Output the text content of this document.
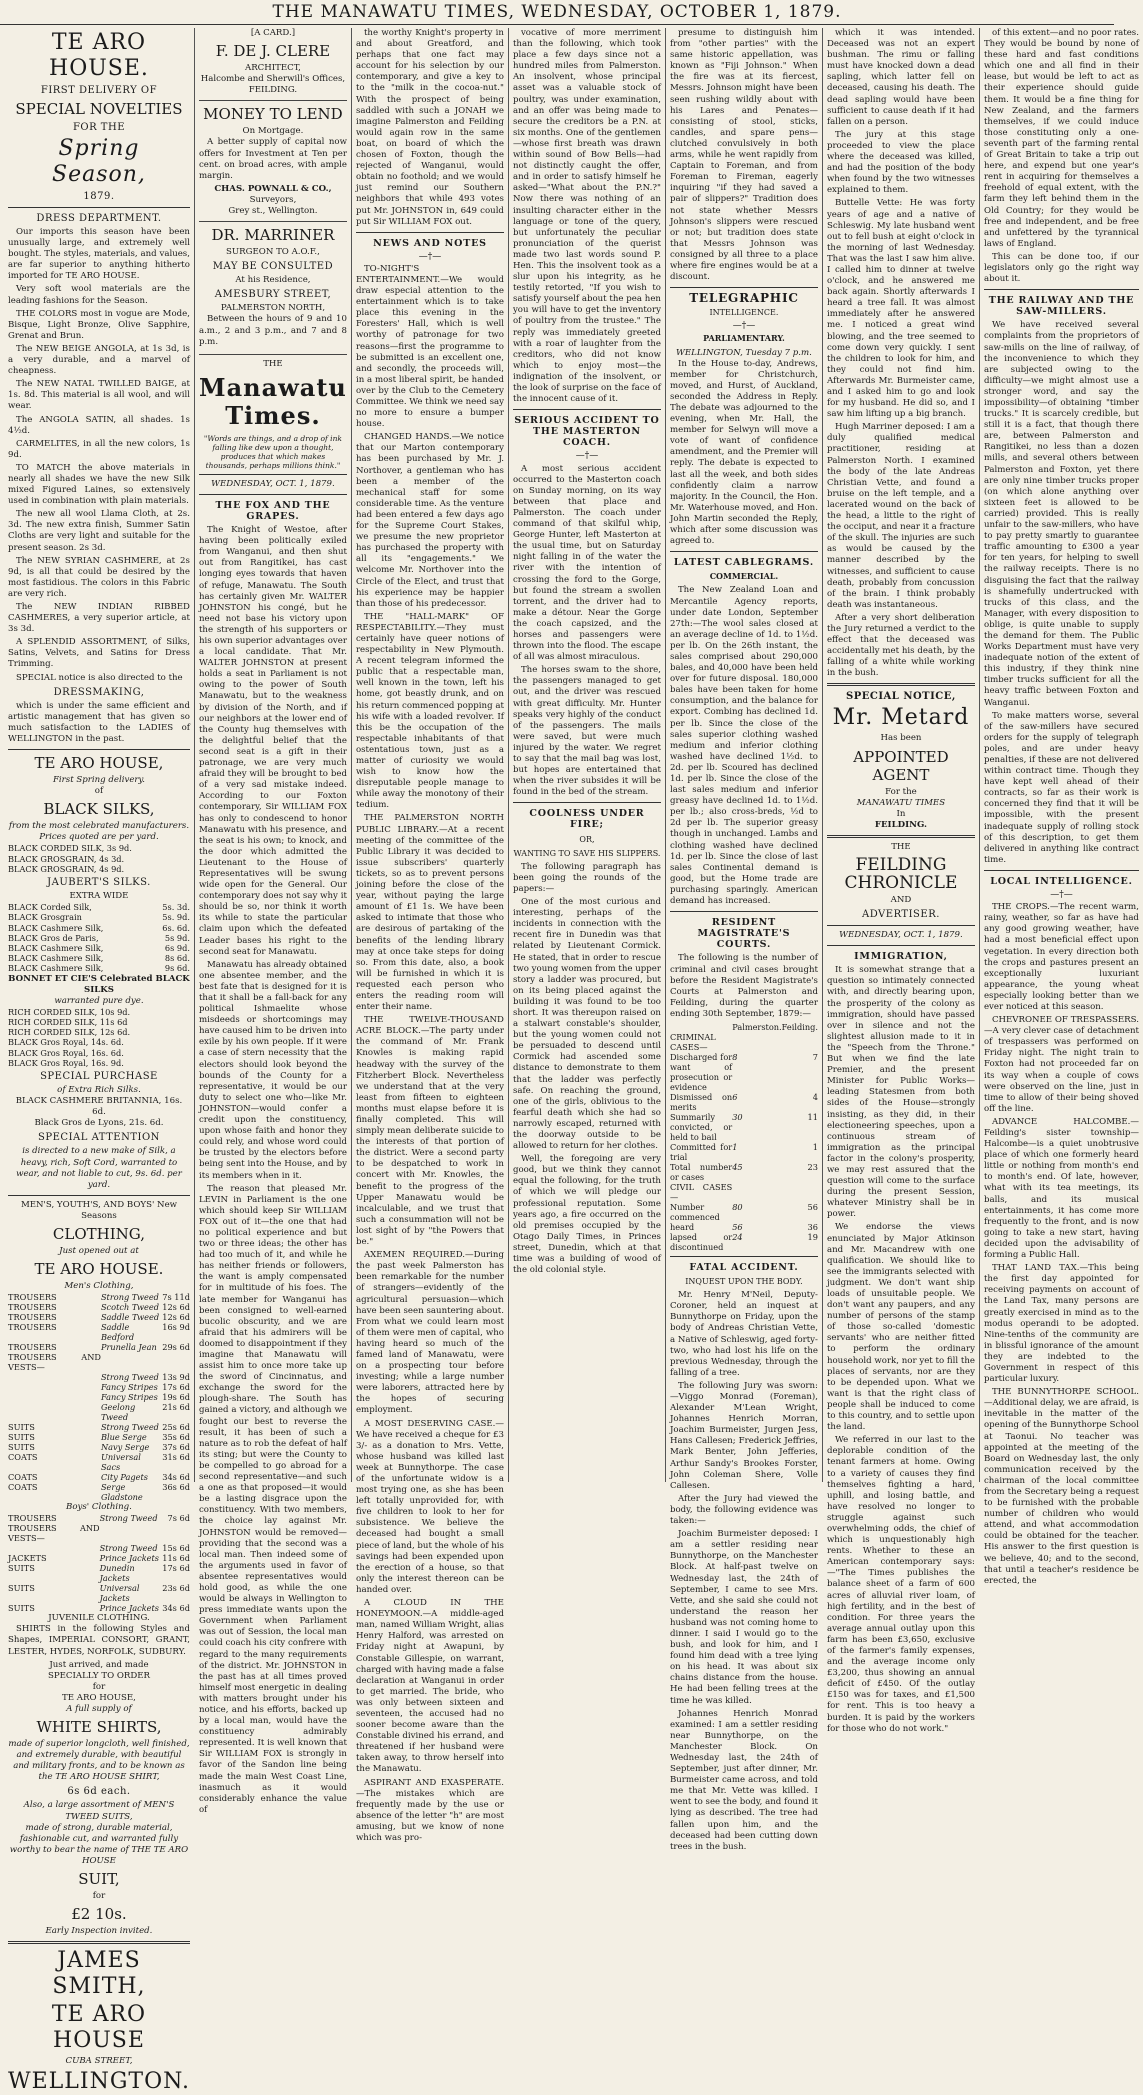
THE MANAWATU TIMES, WEDNESDAY, OCTOBER 1, 1879.
TE ARO HOUSE.
FIRST DELIVERY OF
SPECIAL NOVELTIES
FOR THE
Spring Season,
1879.
DRESS DEPARTMENT.

Our imports this season have been unusually large, and extremely well bought. The styles, materials, and values, are far superior to anything hitherto imported for TE ARO HOUSE.

Very soft wool materials are the leading fashions for the Season.

THE COLORS most in vogue are Mode, Bisque, Light Bronze, Olive Sapphire, Grenat and Brun.

The NEW BEIGE ANGOLA, at 1s 3d, is a very durable, and a marvel of cheapness.

The NEW NATAL TWILLED BAIGE, at 1s. 8d. This material is all wool, and will wear.

The ANGOLA SATIN, all shades. 1s 4½d.

CARMELITES, in all the new colors, 1s 9d.

TO MATCH the above materials in nearly all shades we have the new Silk mixed Figured Laines, so extensively used in combination with plain materials.

The new all wool Llama Cloth, at 2s. 3d. The new extra finish, Summer Satin Cloths are very light and suitable for the present season. 2s 3d.

The NEW SYRIAN CASHMERE, at 2s 9d, is all that could be desired by the most fastidious. The colors in this Fabric are very rich.

The NEW INDIAN RIBBED CASHMERES, a very superior article, at 3s 3d.

A SPLENDID ASSORTMENT, of Silks, Satins, Velvets, and Satins for Dress Trimming.

SPECIAL notice is also directed to the

DRESSMAKING,

which is under the same efficient and artistic management that has given so much satisfaction to the LADIES of WELLINGTON in the past.

TE ARO HOUSE,
First Spring delivery.
of
BLACK SILKS,
from the most celebrated manufacturers.
Prices quoted are per yard.
BLACK CORDED SILK, 3s 9d.
BLACK GROSGRAIN, 4s 3d.
BLACK GROSGRAIN, 4s 9d.
JAUBERT'S SILKS.
EXTRA WIDE
BLACK Corded Silk,	5s. 3d.
BLACK Grosgrain	5s. 9d.
BLACK Cashmere Silk,	6s. 6d.
BLACK Gros de Paris,	5s 9d.
BLACK Cashmere Silk,	6s 9d.
BLACK Cashmere Silk,	8s 6d.
BLACK Cashmere Silk,	9s 6d.
BONNET ET CIE'S Celebrated BLACK SILKS
warranted pure dye.
RICH CORDED SILK, 10s 9d.
RICH CORDED SILK, 11s 6d
RICH CORDED SILK, 12s 6d.
BLACK Gros Royal, 14s. 6d.
BLACK Gros Royal, 16s. 6d.
BLACK Gros Royal, 16s. 9d.
SPECIAL PURCHASE
of Extra Rich Silks.
BLACK CASHMERE BRITANNIA, 16s. 6d.
Black Gros de Lyons, 21s. 6d.
SPECIAL ATTENTION
is directed to a new make of Silk, a heavy, rich, Soft Cord, warranted to wear, and not liable to cut, 9s. 6d. per yard.
MEN'S, YOUTH'S, AND BOYS' New Seasons
CLOTHING,
Just opened out at
TE ARO HOUSE.
Men's Clothing,
TROUSERS	Strong Tweed	7s 11d
TROUSERS	Scotch Tweed	12s 6d
TROUSERS	Saddle Tweed	12s 6d
TROUSERS	Saddle Bedford	16s 9d
TROUSERS	Prunella Jean	29s 6d
TROUSERS AND VESTS—		
	Strong Tweed	13s 9d
	Fancy Stripes	17s 6d
	Fancy Stripes	19s 6d
	Geelong Tweed	21s 6d
SUITS	Strong Tweed	25s 6d
SUITS	Blue Serge	35s 6d
SUITS	Navy Serge	37s 6d
COATS	Universal Sacs	31s 6d
COATS	City Pagets	34s 6d
COATS	Serge Gladstone	36s 6d
Boys' Clothing.
TROUSERS	Strong Tweed	7s 6d
TROUSERS AND VESTS—		
	Strong Tweed	15s 6d
JACKETS	Prince Jackets	11s 6d
SUITS	Dunedin Jackets	17s 6d
SUITS	Universal Jackets	23s 6d
SUITS	Prince Jackets	34s 6d
JUVENILE CLOTHING.

SHIRTS in the following Styles and Shapes, IMPERIAL CONSORT, GRANT, LESTER, HYDES, NORFOLK, SUDBURY.

Just arrived, and made
SPECIALLY TO ORDER
for
TE ARO HOUSE,
A full supply of
WHITE SHIRTS,
made of superior longcloth, well finished, and extremely durable, with beautiful and military fronts, and to be known as the TE ARO HOUSE SHIRT,
6s 6d each.
Also, a large assortment of MEN'S TWEED SUITS,
made of strong, durable material, fashionable cut, and warranted fully worthy to bear the name of THE TE ARO HOUSE
SUIT,
for
£2 10s.
Early Inspection invited.
JAMES SMITH,
TE ARO HOUSE
CUBA STREET,
WELLINGTON.
[A CARD.]
F. DE J. CLERE
ARCHITECT,
Halcombe and Sherwill's Offices,
FEILDING.
MONEY TO LEND
On Mortgage.

A better supply of capital now offers for Investment at Ten per cent. on broad acres, with ample margin.

CHAS. POWNALL & CO.,
Surveyors,
Grey st., Wellington.
DR. MARRINER
SURGEON TO A.O.F.,
MAY BE CONSULTED
At his Residence,
AMESBURY STREET,
PALMERSTON NORTH,

Between the hours of 9 and 10 a.m., 2 and 3 p.m., and 7 and 8 p.m.

THE
Manawatu Times.
"Words are things, and a drop of ink falling like dew upon a thought, produces that which makes thousands, perhaps millions think."
WEDNESDAY, OCT. 1, 1879.
THE FOX AND THE GRAPES.

The Knight of Westoe, after having been politically exiled from Wanganui, and then shut out from Rangitikei, has cast longing eyes towards that haven of refuge, Manawatu. The South has certainly given Mr. WALTER JOHNSTON his congé, but he need not base his victory upon the strength of his supporters or his own superior advantages over a local candidate. That Mr. WALTER JOHNSTON at present holds a seat in Parliament is not owing to the power of South Manawatu, but to the weakness by division of the North, and if our neighbors at the lower end of the County hug themselves with the delightful belief that the second seat is a gift in their patronage, we are very much afraid they will be brought to bed of a very sad mistake indeed. According to our Foxton contemporary, Sir WILLIAM FOX has only to condescend to honor Manawatu with his presence, and the seat is his own; to knock, and the door which admitted the Lieutenant to the House of Representatives will be swung wide open for the General. Our contemporary does not say why it should be so, nor think it worth its while to state the particular claim upon which the defeated Leader bases his right to the second seat for Manawatu.

Manawatu has already obtained one absentee member, and the best fate that is designed for it is that it shall be a fall-back for any political Ishmaelite whose misdeeds or shortcomings may have caused him to be driven into exile by his own people. If it were a case of stern necessity that the electors should look beyond the bounds of the County for a representative, it would be our duty to select one who—like Mr. JOHNSTON—would confer a credit upon the constituency, upon whose faith and honor they could rely, and whose word could be trusted by the electors before being sent into the House, and by its members when in it.

The reason that pleased Mr. LEVIN in Parliament is the one which should keep Sir WILLIAM FOX out of it—the one that had no political experience and but two or three ideas; the other has had too much of it, and while he has neither friends or followers, the want is amply compensated for in multitude of his foes. The late member for Wanganui has been consigned to well-earned bucolic obscurity, and we are afraid that his admirers will be doomed to disappointment if they imagine that Manawatu will assist him to once more take up the sword of Cincinnatus, and exchange the sword for the plough-share. The South has gained a victory, and although we fought our best to reverse the result, it has been of such a nature as to rob the defeat of half its sting; but were the County to be compelled to go abroad for a second representative—and such a one as that proposed—it would be a lasting disgrace upon the constituency. With two members, the choice lay against Mr. JOHNSTON would be removed—providing that the second was a local man. Then indeed some of the arguments used in favor of absentee representatives would hold good, as while the one would be always in Wellington to press immediate wants upon the Government when Parliament was out of Session, the local man could coach his city confrere with regard to the many requirements of the district. Mr. JOHNSTON in the past has at all times proved himself most energetic in dealing with matters brought under his notice, and his efforts, backed up by a local man, would have the constituency admirably represented. It is well known that Sir WILLIAM FOX is strongly in favor of the Sandon line being made the main West Coast Line, inasmuch as it would considerably enhance the value of

the worthy Knight's property in and about Greatford, and perhaps that one fact may account for his selection by our contemporary, and give a key to to the "milk in the cocoa-nut." With the prospect of being saddled with such a JONAH we imagine Palmerston and Feilding would again row in the same boat, on board of which the chosen of Foxton, though the rejected of Wanganui, would obtain no foothold; and we would just remind our Southern neighbors that while 493 votes put Mr. JOHNSTON in, 649 could put Sir WILLIAM FOX out.

NEWS AND NOTES
—†—

TO-NIGHT'S ENTERTAINMENT.—We would draw especial attention to the entertainment which is to take place this evening in the Foresters' Hall, which is well worthy of patronage for two reasons—first the programme to be submitted is an excellent one, and secondly, the proceeds will, in a most liberal spirit, be handed over by the Club to the Cemetery Committee. We think we need say no more to ensure a bumper house.

CHANGED HANDS.—We notice that our Marton contemporary has been purchased by Mr. J. Northover, a gentleman who has been a member of the mechanical staff for some considerable time. As the venture had been entered a few days ago for the Supreme Court Stakes, we presume the new proprietor has purchased the property with all its "engagements." We welcome Mr. Northover into the Circle of the Elect, and trust that his experience may be happier than those of his predecessor.

THE "HALL-MARK" OF RESPECTABILITY.—They must certainly have queer notions of respectability in New Plymouth. A recent telegram informed the public that a respectable man, well known in the town, left his home, got beastly drunk, and on his return commenced popping at his wife with a loaded revolver. If this be the occupation of the respectable inhabitants of that ostentatious town, just as a matter of curiosity we would wish to know how the disreputable people manage to while away the monotony of their tedium.

THE PALMERSTON NORTH PUBLIC LIBRARY.—At a recent meeting of the committee of the Public Library it was decided to issue subscribers' quarterly tickets, so as to prevent persons joining before the close of the year, without paying the large amount of £1 1s. We have been asked to intimate that those who are desirous of partaking of the benefits of the lending library may at once take steps for doing so. From this date, also, a book will be furnished in which it is requested each person who enters the reading room will enter their name.

THE TWELVE-THOUSAND ACRE BLOCK.—The party under the command of Mr. Frank Knowles is making rapid headway with the survey of the Fitzherbert Block. Nevertheless we understand that at the very least from fifteen to eighteen months must elapse before it is finally completed. This will simply mean deliberate suicide to the interests of that portion of the district. Were a second party to be despatched to work in concert with Mr. Knowles, the benefit to the progress of the Upper Manawatu would be incalculable, and we trust that such a consummation will not be lost sight of by "the Powers that be."

AXEMEN REQUIRED.—During the past week Palmerston has been remarkable for the number of strangers—evidently of the agricultural persuasion—which have been seen sauntering about. From what we could learn most of them were men of capital, who having heard so much of the famed land of Manawatu, were on a prospecting tour before investing; while a large number were laborers, attracted here by the hopes of securing employment.

A MOST DESERVING CASE.—We have received a cheque for £3 3/- as a donation to Mrs. Vette, whose husband was killed last week at Bunnythorpe. The case of the unfortunate widow is a most trying one, as she has been left totally unprovided for, with five children to look to her for subsistence. We believe the deceased had bought a small piece of land, but the whole of his savings had been expended upon the erection of a house, so that only the interest thereon can be handed over.

A CLOUD IN THE HONEYMOON.—A middle-aged man, named William Wright, alias Henry Halford, was arrested on Friday night at Awapuni, by Constable Gillespie, on warrant, charged with having made a false declaration at Wanganui in order to get married. The bride, who was only between sixteen and seventeen, the accused had no sooner become aware than the Constable divined his errand, and threatened if her husband were taken away, to throw herself into the Manawatu.

ASPIRANT AND EXASPERATE.—The mistakes which are frequently made by the use or absence of the letter "h" are most amusing, but we know of none which was pro-

vocative of more merriment than the following, which took place a few days since not a hundred miles from Palmerston. An insolvent, whose principal asset was a valuable stock of poultry, was under examination, and an offer was being made to secure the creditors be a P.N. at six months. One of the gentlemen—whose first breath was drawn within sound of Bow Bells—had not distinctly caught the offer, and in order to satisfy himself he asked—"What about the P.N.?" Now there was nothing of an insulting character either in the language or tone of the query, but unfortunately the peculiar pronunciation of the querist made two last words sound P. Hen. This the insolvent took as a slur upon his integrity, as he testily retorted, "If you wish to satisfy yourself about the pea hen you will have to get the inventory of poultry from the trustee." The reply was immediately greeted with a roar of laughter from the creditors, who did not know which to enjoy most—the indignation of the insolvent, or the look of surprise on the face of the innocent cause of it.

SERIOUS ACCIDENT TO THE MASTERTON COACH.
—†—

A most serious accident occurred to the Masterton coach on Sunday morning, on its way between that place and Palmerston. The coach under command of that skilful whip, George Hunter, left Masterton at the usual time, but on Saturday night falling in of the water the river with the intention of crossing the ford to the Gorge, but found the stream a swollen torrent, and the driver had to make a détour. Near the Gorge the coach capsized, and the horses and passengers were thrown into the flood. The escape of all was almost miraculous.

The horses swam to the shore, the passengers managed to get out, and the driver was rescued with great difficulty. Mr. Hunter speaks very highly of the conduct of the passengers. The mails were saved, but were much injured by the water. We regret to say that the mail bag was lost, but hopes are entertained that when the river subsides it will be found in the bed of the stream.

COOLNESS UNDER FIRE;
OR,
WANTING TO SAVE HIS SLIPPERS.

The following paragraph has been going the rounds of the papers:—

One of the most curious and interesting, perhaps of the incidents in connection with the recent fire in Dunedin was that related by Lieutenant Cormick. He stated, that in order to rescue two young women from the upper story a ladder was procured, but on its being placed against the building it was found to be too short. It was thereupon raised on a stalwart constable's shoulder, but the young women could not be persuaded to descend until Cormick had ascended some distance to demonstrate to them that the ladder was perfectly safe. On reaching the ground, one of the girls, oblivious to the fearful death which she had so narrowly escaped, returned with the doorway outside to be allowed to return for her clothes.

Well, the foregoing are very good, but we think they cannot equal the following, for the truth of which we will pledge our professional reputation. Some years ago, a fire occurred on the old premises occupied by the Otago Daily Times, in Princes street, Dunedin, which at that time was a building of wood of the old colonial style.

presume to distinguish him from "other parties" with the same historic appellation, was known as "Fiji Johnson." When the fire was at its fiercest, Messrs. Johnson might have been seen rushing wildly about with his Lares and Penates—consisting of stool, sticks, candles, and spare pens—clutched convulsively in both arms, while he went rapidly from Captain to Foreman, and from Foreman to Fireman, eagerly inquiring "if they had saved a pair of slippers?" Tradition does not state whether Messrs Johnson's slippers were rescued or not; but tradition does state that Messrs Johnson was consigned by all three to a place where fire engines would be at a discount.

TELEGRAPHIC
INTELLIGENCE.
—†—
PARLIAMENTARY.
WELLINGTON, Tuesday 7 p.m.

In the House to-day, Andrews, member for Christchurch, moved, and Hurst, of Auckland, seconded the Address in Reply. The debate was adjourned to the evening, when Mr. Hall, the member for Selwyn will move a vote of want of confidence amendment, and the Premier will reply. The debate is expected to last all the week, and both sides confidently claim a narrow majority. In the Council, the Hon. Mr. Waterhouse moved, and Hon. John Martin seconded the Reply, which after some discussion was agreed to.

LATEST CABLEGRAMS.
COMMERCIAL.

The New Zealand Loan and Mercantile Agency reports, under date London, September 27th:—The wool sales closed at an average decline of 1d. to 1½d. per lb. On the 26th instant, the sales comprised about 290,000 bales, and 40,000 have been held over for future disposal. 180,000 bales have been taken for home consumption, and the balance for export. Combing has declined 1d. per lb. Since the close of the sales superior clothing washed medium and inferior clothing washed have declined 1½d. to 2d. per lb. Scoured has declined 1d. per lb. Since the close of the last sales medium and inferior greasy have declined 1d. to 1½d. per lb.; also cross-breds, ½d to 2d per lb. The superior greasy though in unchanged. Lambs and clothing washed have declined 1d. per lb. Since the close of last sales Continental demand is good, but the Home trade are purchasing sparingly. American demand has increased.

RESIDENT MAGISTRATE'S COURTS.

The following is the number of criminal and civil cases brought before the Resident Magistrate's Courts at Palmerston and Feilding, during the quarter ending 30th September, 1879:—

	Palmerston.	Feilding.
CRIMINAL CASES—		
Discharged for want of prosecution or evidence	8	7
Dismissed on merits	6	4
Summarily convicted, or held to bail	30	11
Committed for trial	1	1
Total number or cases	45	23
CIVIL CASES—		
Number commenced	80	56
heard	56	36
lapsed or discontinued	24	19
FATAL ACCIDENT.
INQUEST UPON THE BODY.

Mr. Henry M'Neil, Deputy-Coroner, held an inquest at Bunnythorpe on Friday, upon the body of Andreas Christian Vette, a Native of Schleswig, aged forty-two, who had lost his life on the previous Wednesday, through the falling of a tree.

The following Jury was sworn:—Viggo Monrad (Foreman), Alexander M'Lean Wright, Johannes Henrich Morran, Joachim Burmeister, Jurgen Jess, Hans Callesen; Frederick Jeffries, Mark Benter, John Jefferies, Arthur Sandy's Brookes Forster, John Coleman Shere, Volle Callesen.

After the Jury had viewed the body, the following evidence was taken:—

Joachim Burmeister deposed: I am a settler residing near Bunnythorpe, on the Manchester Block. At half-past twelve on Wednesday last, the 24th of September, I came to see Mrs. Vette, and she said she could not understand the reason her husband was not coming home to dinner. I said I would go to the bush, and look for him, and I found him dead with a tree lying on his head. It was about six chains distance from the house. He had been felling trees at the time he was killed.

Johannes Henrich Monrad examined: I am a settler residing near Bunnythorpe, on the Manchester Block. On Wednesday last, the 24th of September, just after dinner, Mr. Burmeister came across, and told me that Mr. Vette was killed. I went to see the body, and found it lying as described. The tree had fallen upon him, and the deceased had been cutting down trees in the bush.

which it was intended. Deceased was not an expert bushman. The rimu or falling must have knocked down a dead sapling, which latter fell on deceased, causing his death. The dead sapling would have been sufficient to cause death if it had fallen on a person.

The jury at this stage proceeded to view the place where the deceased was killed, and had the position of the body when found by the two witnesses explained to them.

Buttelle Vette: He was forty years of age and a native of Schleswig. My late husband went out to fell bush at eight o'clock in the morning of last Wednesday. That was the last I saw him alive. I called him to dinner at twelve o'clock, and he answered me back again. Shortly afterwards I heard a tree fall. It was almost immediately after he answered me. I noticed a great wind blowing, and the tree seemed to come down very quickly. I sent the children to look for him, and they could not find him. Afterwards Mr. Burmeister came, and I asked him to go and look for my husband. He did so, and I saw him lifting up a big branch.

Hugh Marriner deposed: I am a duly qualified medical practitioner, residing at Palmerston North. I examined the body of the late Andreas Christian Vette, and found a bruise on the left temple, and a lacerated wound on the back of the head, a little to the right of the occiput, and near it a fracture of the skull. The injuries are such as would be caused by the manner described by the witnesses, and sufficient to cause death, probably from concussion of the brain. I think probably death was instantaneous.

After a very short deliberation the Jury returned a verdict to the effect that the deceased was accidentally met his death, by the falling of a white while working in the bush.

SPECIAL NOTICE,
Mr. Metard
Has been
APPOINTED AGENT
For the
MANAWATU TIMES
In
FEILDING.
THE
FEILDING CHRONICLE
AND
ADVERTISER.
WEDNESDAY, OCT. 1, 1879.
IMMIGRATION,

It is somewhat strange that a question so intimately connected with, and directly bearing upon, the prosperity of the colony as immigration, should have passed over in silence and not the slightest allusion made to it in the "Speech from the Throne." But when we find the late Premier, and the present Minister for Public Works—leading Statesmen from both sides of the House—strongly insisting, as they did, in their electioneering speeches, upon a continuous stream of immigration as the principal factor in the colony's prosperity, we may rest assured that the question will come to the surface during the present Session, whatever Ministry shall be in power.

We endorse the views enunciated by Major Atkinson and Mr. Macandrew with one qualification. We should like to see the immigrants selected with judgment. We don't want ship loads of unsuitable people. We don't want any paupers, and any number of persons of the stamp of those so-called 'domestic servants' who are neither fitted to perform the ordinary household work, nor yet to fill the places of servants, nor are they to be depended upon. What we want is that the right class of people shall be induced to come to this country, and to settle upon the land.

We referred in our last to the deplorable condition of the tenant farmers at home. Owing to a variety of causes they find themselves fighting a hard, uphill, and losing battle, and have resolved no longer to struggle against such overwhelming odds, the chief of which is unquestionably high rents. Whether to these an American contemporary says:—"The Times publishes the balance sheet of a farm of 600 acres of alluvial river loam, of high fertility, and in the best of condition. For three years the average annual outlay upon this farm has been £3,650, exclusive of the farmer's family expenses, and the average income only £3,200, thus showing an annual deficit of £450. Of the outlay £150 was for taxes, and £1,500 for rent. This is too heavy a burden. It is paid by the workers for those who do not work."

of this extent—and no poor rates. They would be bound by none of these hard and fast conditions which one and all find in their lease, but would be left to act as their experience should guide them. It would be a fine thing for New Zealand, and the farmers themselves, if we could induce those constituting only a one-seventh part of the farming rental of Great Britain to take a trip out here, and expend but one year's rent in acquiring for themselves a freehold of equal extent, with the farm they left behind them in the Old Country; for they would be free and independent, and be free and unfettered by the tyrannical laws of England.

This can be done too, if our legislators only go the right way about it.

THE RAILWAY AND THE SAW-MILLERS.

We have received several complaints from the proprietors of saw-mills on the line of railway, of the inconvenience to which they are subjected owing to the difficulty—we might almost use a stronger word, and say the impossibility—of obtaining "timber trucks." It is scarcely credible, but still it is a fact, that though there are, between Palmerston and Rangitikei, no less than a dozen mills, and several others between Palmerston and Foxton, yet there are only nine timber trucks proper (on which alone anything over sixteen feet is allowed to be carried) provided. This is really unfair to the saw-millers, who have to pay pretty smartly to guarantee traffic amounting to £300 a year for ten years, for helping to swell the railway receipts. There is no disguising the fact that the railway is shamefully undertrucked with trucks of this class, and the Manager, with every disposition to oblige, is quite unable to supply the demand for them. The Public Works Department must have very inadequate notion of the extent of this industry, if they think nine timber trucks sufficient for all the heavy traffic between Foxton and Wanganui.

To make matters worse, several of the saw-millers have secured orders for the supply of telegraph poles, and are under heavy penalties, if these are not delivered within contract time. Though they have kept well ahead of their contracts, so far as their work is concerned they find that it will be impossible, with the present inadequate supply of rolling stock of this description, to get them delivered in anything like contract time.

LOCAL INTELLIGENCE.
—†—

THE CROPS.—The recent warm, rainy, weather, so far as have had any good growing weather, have had a most beneficial effect upon vegetation. In every direction both the crops and pastures present an exceptionally luxuriant appearance, the young wheat especially looking better than we ever noticed at this season.

CHEVRONEE OF TRESPASSERS.—A very clever case of detachment of trespassers was performed on Friday night. The night train to Foxton had not proceeded far on its way when a couple of cows were observed on the line, just in time to allow of their being shoved off the line.

ADVANCE HALCOMBE.—Feilding's sister township—Halcombe—is a quiet unobtrusive place of which one formerly heard little or nothing from month's end to month's end. Of late, however, what with its tea meetings, its balls, and its musical entertainments, it has come more frequently to the front, and is now going to take a new start, having decided upon the advisability of forming a Public Hall.

THAT LAND TAX.—This being the first day appointed for receiving payments on account of the Land Tax, many persons are greatly exercised in mind as to the modus operandi to be adopted. Nine-tenths of the community are in blissful ignorance of the amount they are indebted to the Government in respect of this particular luxury.

THE BUNNYTHORPE SCHOOL.—Additional delay, we are afraid, is inevitable in the matter of the opening of the Bunnythorpe School at Taonui. No teacher was appointed at the meeting of the Board on Wednesday last, the only communication received by the chairman of the local committee from the Secretary being a request to be furnished with the probable number of children who would attend, and what accommodation could be obtained for the teacher. His answer to the first question is we believe, 40; and to the second, that until a teacher's residence be erected, the
